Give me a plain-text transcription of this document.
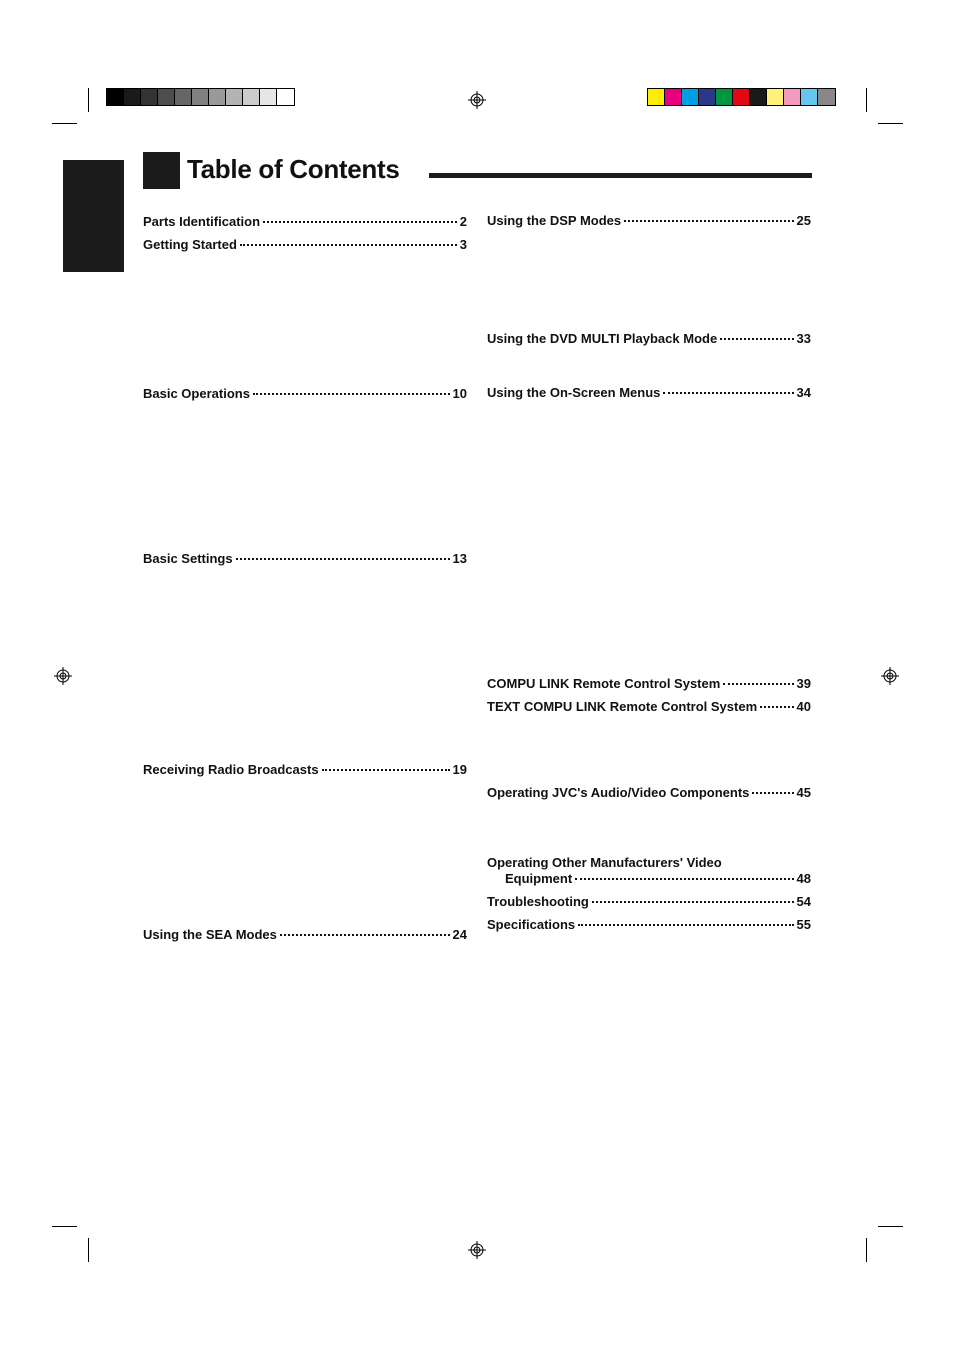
Table of Contents
Parts Identification	2
Getting Started	3
Basic Operations	10
Basic Settings	13
Receiving Radio Broadcasts	19
Using the SEA Modes	24
Using the DSP Modes	25
Using the DVD MULTI Playback Mode	33
Using the On-Screen Menus	34
COMPU LINK Remote Control System	39
TEXT COMPU LINK Remote Control System	40
Operating JVC's Audio/Video Components	45
Operating Other Manufacturers' Video
Equipment	48
Troubleshooting	54
Specifications	55
